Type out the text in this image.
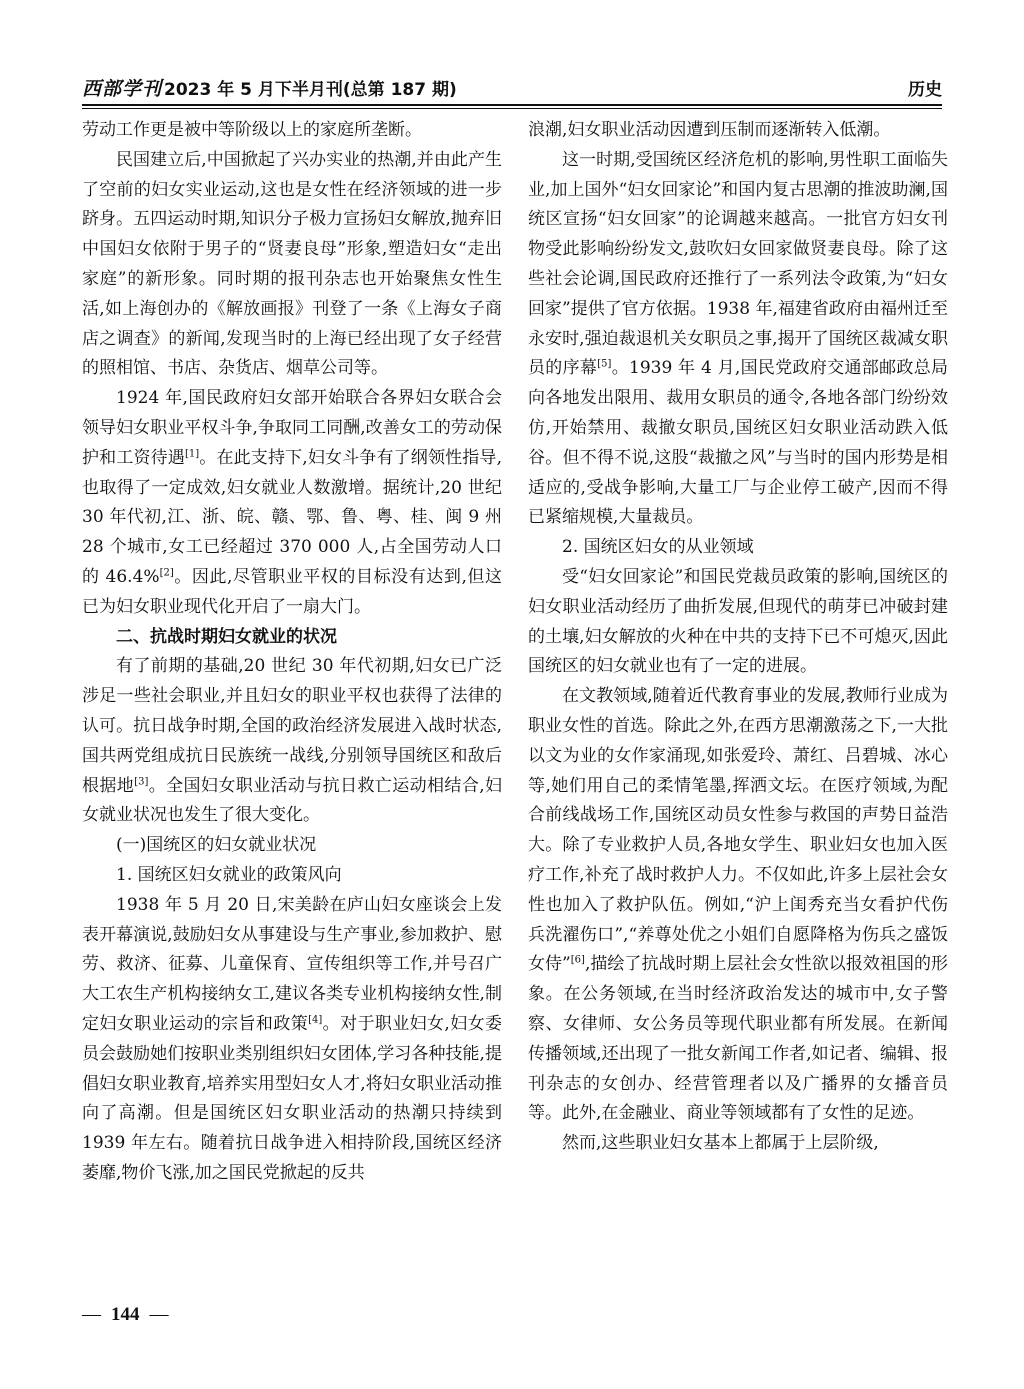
西部学刊 2023 年 5 月下半月刊(总第 187 期)	历史

劳动工作更是被中等阶级以上的家庭所垄断。

民国建立后,中国掀起了兴办实业的热潮,并由此产生了空前的妇女实业运动,这也是女性在经济领域的进一步跻身。五四运动时期,知识分子极力宣扬妇女解放,抛弃旧中国妇女依附于男子的“贤妻良母”形象,塑造妇女“走出家庭”的新形象。同时期的报刊杂志也开始聚焦女性生活,如上海创办的《解放画报》刊登了一条《上海女子商店之调查》的新闻,发现当时的上海已经出现了女子经营的照相馆、书店、杂货店、烟草公司等。

1924 年,国民政府妇女部开始联合各界妇女联合会领导妇女职业平权斗争,争取同工同酬,改善女工的劳动保护和工资待遇[1]。在此支持下,妇女斗争有了纲领性指导,也取得了一定成效,妇女就业人数激增。据统计,20 世纪 30 年代初,江、浙、皖、赣、鄂、鲁、粤、桂、闽 9 州 28 个城市,女工已经超过 370 000 人,占全国劳动人口的 46.4%[2]。因此,尽管职业平权的目标没有达到,但这已为妇女职业现代化开启了一扇大门。

二、抗战时期妇女就业的状况

有了前期的基础,20 世纪 30 年代初期,妇女已广泛涉足一些社会职业,并且妇女的职业平权也获得了法律的认可。抗日战争时期,全国的政治经济发展进入战时状态,国共两党组成抗日民族统一战线,分别领导国统区和敌后根据地[3]。全国妇女职业活动与抗日救亡运动相结合,妇女就业状况也发生了很大变化。

(一)国统区的妇女就业状况

1. 国统区妇女就业的政策风向

1938 年 5 月 20 日,宋美龄在庐山妇女座谈会上发表开幕演说,鼓励妇女从事建设与生产事业,参加救护、慰劳、救济、征募、儿童保育、宣传组织等工作,并号召广大工农生产机构接纳女工,建议各类专业机构接纳女性,制定妇女职业运动的宗旨和政策[4]。对于职业妇女,妇女委员会鼓励她们按职业类别组织妇女团体,学习各种技能,提倡妇女职业教育,培养实用型妇女人才,将妇女职业活动推向了高潮。但是国统区妇女职业活动的热潮只持续到 1939 年左右。随着抗日战争进入相持阶段,国统区经济萎靡,物价飞涨,加之国民党掀起的反共

浪潮,妇女职业活动因遭到压制而逐渐转入低潮。

这一时期,受国统区经济危机的影响,男性职工面临失业,加上国外“妇女回家论”和国内复古思潮的推波助澜,国统区宣扬“妇女回家”的论调越来越高。一批官方妇女刊物受此影响纷纷发文,鼓吹妇女回家做贤妻良母。除了这些社会论调,国民政府还推行了一系列法令政策,为“妇女回家”提供了官方依据。1938 年,福建省政府由福州迁至永安时,强迫裁退机关女职员之事,揭开了国统区裁减女职员的序幕[5]。1939 年 4 月,国民党政府交通部邮政总局向各地发出限用、裁用女职员的通令,各地各部门纷纷效仿,开始禁用、裁撤女职员,国统区妇女职业活动跌入低谷。但不得不说,这股“裁撤之风”与当时的国内形势是相适应的,受战争影响,大量工厂与企业停工破产,因而不得已紧缩规模,大量裁员。

2. 国统区妇女的从业领域

受“妇女回家论”和国民党裁员政策的影响,国统区的妇女职业活动经历了曲折发展,但现代的萌芽已冲破封建的土壤,妇女解放的火种在中共的支持下已不可熄灭,因此国统区的妇女就业也有了一定的进展。

在文教领域,随着近代教育事业的发展,教师行业成为职业女性的首选。除此之外,在西方思潮激荡之下,一大批以文为业的女作家涌现,如张爱玲、萧红、吕碧城、冰心等,她们用自己的柔情笔墨,挥洒文坛。在医疗领域,为配合前线战场工作,国统区动员女性参与救国的声势日益浩大。除了专业救护人员,各地女学生、职业妇女也加入医疗工作,补充了战时救护人力。不仅如此,许多上层社会女性也加入了救护队伍。例如,“沪上闺秀充当女看护代伤兵洗濯伤口”,“养尊处优之小姐们自愿降格为伤兵之盛饭女侍”[6],描绘了抗战时期上层社会女性欲以报效祖国的形象。在公务领域,在当时经济政治发达的城市中,女子警察、女律师、女公务员等现代职业都有所发展。在新闻传播领域,还出现了一批女新闻工作者,如记者、编辑、报刊杂志的女创办、经营管理者以及广播界的女播音员等。此外,在金融业、商业等领域都有了女性的足迹。

然而,这些职业妇女基本上都属于上层阶级,

— 144 —
